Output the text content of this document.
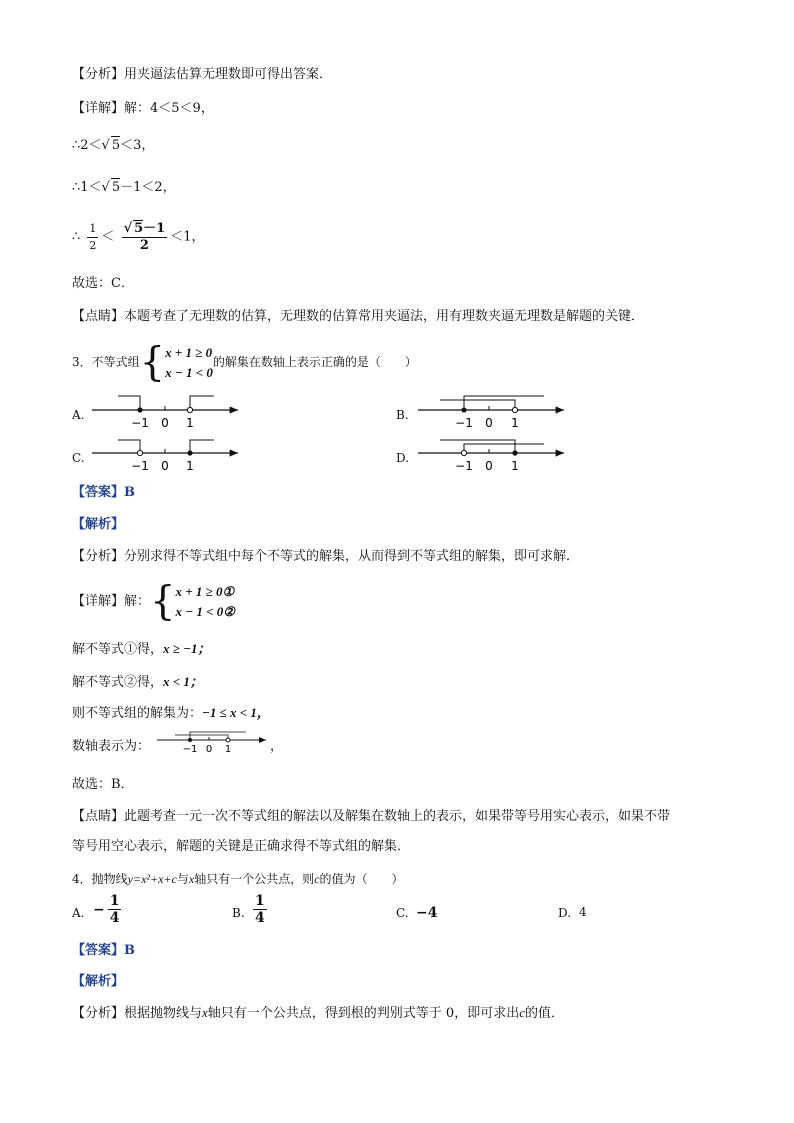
【分析】用夹逼法估算无理数即可得出答案．
【详解】解：4＜5＜9，
∴2＜√ 5＜3，
∴1＜√ 5－1＜2，
∴ $\frac{1}{2} < \frac{√ 5-1}{2} <1$，
故选：C．
【点睛】本题考查了无理数的估算，无理数的估算常用夹逼法，用有理数夹逼无理数是解题的关键．
3．不等式组{ x + 1 ≥ 0
x − 1 < 0
的解集在数轴上表示正确的是（　　）
A.	B.
C.	D.
−1 0 1	−1 0 1
−1 0 1	−1 0 1
−1 0 1
【答案】B
【解析】
【分析】分别求得不等式组中每个不等式的解集，从而得到不等式组的解集，即可求解．
【详解】解：{ x + 1 ≥ 0①
x − 1 < 0②
解不等式①得，x ≥ −1；
解不等式②得，x < 1；
则不等式组的解集为：−1 ≤ x < 1，
数轴表示为：	，
故选：B．
【点睛】此题考查一元一次不等式组的解法以及解集在数轴上的表示，如果带等号用实心表示，如果不带
等号用空心表示，解题的关键是正确求得不等式组的解集．
4．抛物线y=x²+x+c与x轴只有一个公共点，则c的值为（　　）
A. − $\frac{1}{4}$	B. $\frac{1}{4}$	C. −4	D. 4
【答案】B
【解析】
【分析】根据抛物线与x轴只有一个公共点，得到根的判别式等于 0，即可求出c的值．
